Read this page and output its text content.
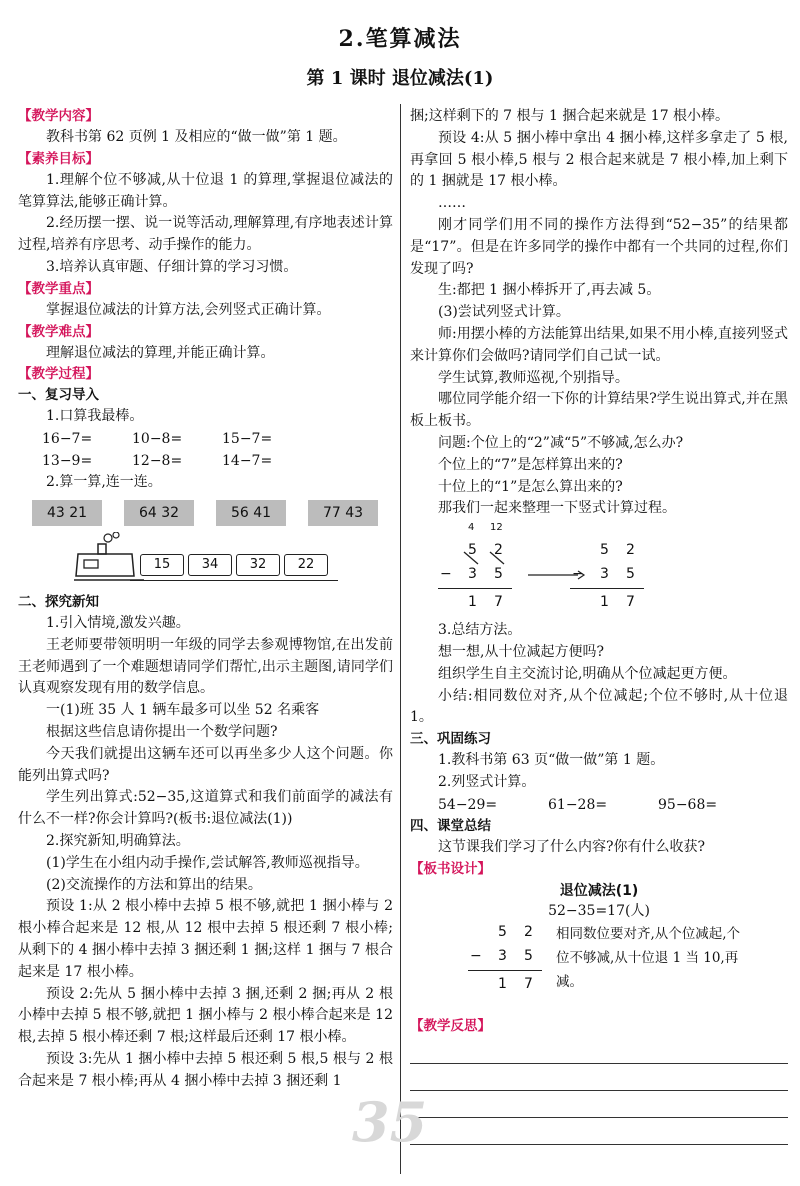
2.笔算减法
第 1 课时 退位减法(1)
【教学内容】
教科书第 62 页例 1 及相应的“做一做”第 1 题。
【素养目标】
1.理解个位不够减,从十位退 1 的算理,掌握退位减法的笔算算法,能够正确计算。
2.经历摆一摆、说一说等活动,理解算理,有序地表述计算过程,培养有序思考、动手操作的能力。
3.培养认真审题、仔细计算的学习习惯。
【教学重点】
掌握退位减法的计算方法,会列竖式正确计算。
【教学难点】
理解退位减法的算理,并能正确计算。
【教学过程】
一、复习导入
1.口算我最棒。
16−7=	10−8=	15−7=
13−9=	12−8=	14−7=
2.算一算,连一连。
43 21	64 32	56 41	77 43
15	34	32	22
二、探究新知
1.引入情境,激发兴趣。
王老师要带领明明一年级的同学去参观博物馆,在出发前王老师遇到了一个难题想请同学们帮忙,出示主题图,请同学们认真观察发现有用的数学信息。
一(1)班 35 人 1 辆车最多可以坐 52 名乘客
根据这些信息请你提出一个数学问题?
今天我们就提出这辆车还可以再坐多少人这个问题。你能列出算式吗?
学生列出算式:52−35,这道算式和我们前面学的减法有什么不一样?你会计算吗?(板书:退位减法(1))
2.探究新知,明确算法。
(1)学生在小组内动手操作,尝试解答,教师巡视指导。
(2)交流操作的方法和算出的结果。
预设 1:从 2 根小棒中去掉 5 根不够,就把 1 捆小棒与 2 根小棒合起来是 12 根,从 12 根中去掉 5 根还剩 7 根小棒;从剩下的 4 捆小棒中去掉 3 捆还剩 1 捆;这样 1 捆与 7 根合起来是 17 根小棒。
预设 2:先从 5 捆小棒中去掉 3 捆,还剩 2 捆;再从 2 根小棒中去掉 5 根不够,就把 1 捆小棒与 2 根小棒合起来是 12 根,去掉 5 根小棒还剩 7 根;这样最后还剩 17 根小棒。
预设 3:先从 1 捆小棒中去掉 5 根还剩 5 根,5 根与 2 根合起来是 7 根小棒;再从 4 捆小棒中去掉 3 捆还剩 1
捆;这样剩下的 7 根与 1 捆合起来就是 17 根小棒。
预设 4:从 5 捆小棒中拿出 4 捆小棒,这样多拿走了 5 根,再拿回 5 根小棒,5 根与 2 根合起来就是 7 根小棒,加上剩下的 1 捆就是 17 根小棒。
……
刚才同学们用不同的操作方法得到“52−35”的结果都是“17”。但是在许多同学的操作中都有一个共同的过程,你们发现了吗?
生:都把 1 捆小棒拆开了,再去减 5。
(3)尝试列竖式计算。
师:用摆小棒的方法能算出结果,如果不用小棒,直接列竖式来计算你们会做吗?请同学们自己试一试。
学生试算,教师巡视,个别指导。
哪位同学能介绍一下你的计算结果?学生说出算式,并在黑板上板书。
问题:个位上的“2”减“5”不够减,怎么办?
个位上的“7”是怎样算出来的?
十位上的“1”是怎么算出来的?
那我们一起来整理一下竖式计算过程。
4 12
5 2
− 3 5
1 7
5 2
− 3 5
1 7
3.总结方法。
想一想,从十位减起方便吗?
组织学生自主交流讨论,明确从个位减起更方便。
小结:相同数位对齐,从个位减起;个位不够时,从十位退 1。
三、巩固练习
1.教科书第 63 页“做一做”第 1 题。
2.列竖式计算。
54−29=	61−28=	95−68=
四、课堂总结
这节课我们学习了什么内容?你有什么收获?
【板书设计】
退位减法(1)
52−35=17(人)
5 2
− 3 5
1 7
相同数位要对齐,从个位减起,个位不够减,从十位退 1 当 10,再减。
【教学反思】
35
